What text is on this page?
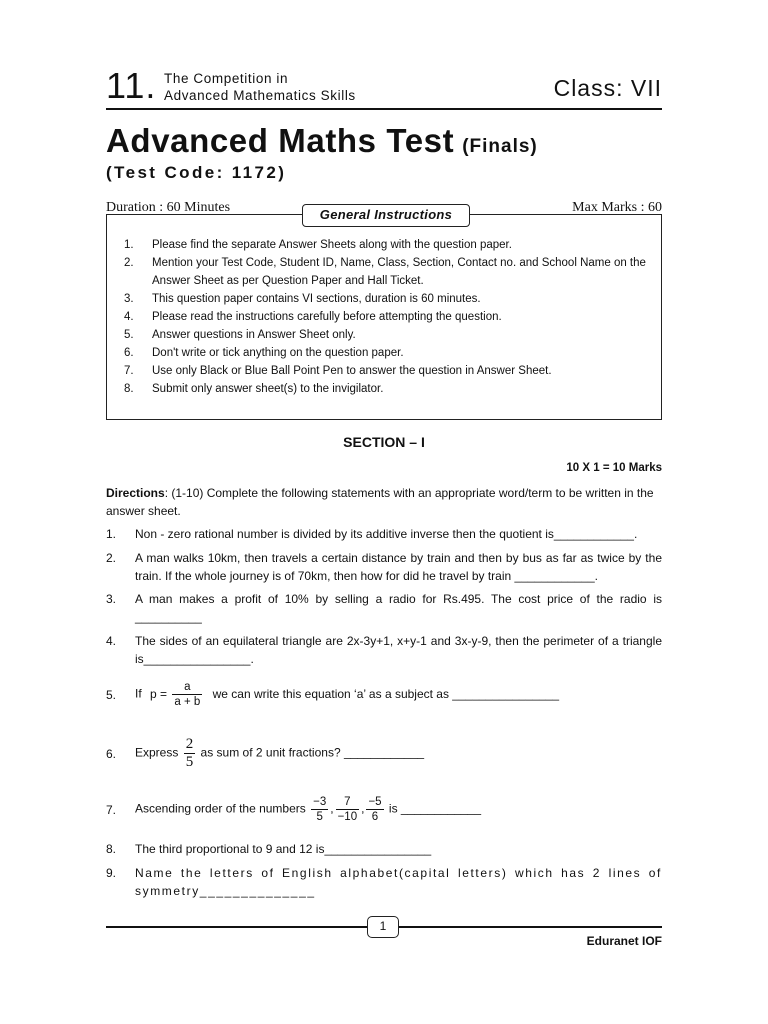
11. The Competition in
Advanced Mathematics Skills	Class: VII
Advanced Maths Test (Finals)
(Test Code: 1172)
Duration : 60 Minutes	Max Marks : 60
General Instructions
1.	Please find the separate Answer Sheets along with the question paper.
2.	Mention your Test Code, Student ID, Name, Class, Section, Contact no. and School Name on the Answer Sheet as per Question Paper and Hall Ticket.
3.	This question paper contains VI sections, duration is 60 minutes.
4.	Please read the instructions carefully before attempting the question.
5.	Answer questions in Answer Sheet only.
6.	Don't write or tick anything on the question paper.
7.	Use only Black or Blue Ball Point Pen to answer the question in Answer Sheet.
8.	Submit only answer sheet(s) to the invigilator.
SECTION – I
10 X 1 = 10 Marks
Directions: (1-10) Complete the following statements with an appropriate word/term to be written in the answer sheet.
1.	Non - zero rational number is divided by its additive inverse then the quotient is____________.
2.	A man walks 10km, then travels a certain distance by train and then by bus as far as twice by the train. If the whole journey is of 70km, then how for did he travel by train ____________.
3.	A man makes a profit of 10% by selling a radio for Rs.495. The cost price of the radio is __________
4.	The sides of an equilateral triangle are 2x-3y+1, x+y-1 and 3x-y-9, then the perimeter of a triangle is________________.
5.	If $p = \frac{a}{a + b}$ we can write this equation ‘a’ as a subject as ________________
6.	Express $\frac{2}{5}$ as sum of 2 unit fractions? ____________
7.	Ascending order of the numbers $\frac{-3}{5}$ , $\frac{7}{-10}$ , $\frac{-5}{6}$ is ____________
8.	The third proportional to 9 and 12 is________________
9.	Name the letters of English alphabet(capital letters) which has 2 lines of symmetry______________
1
Eduranet IOF
